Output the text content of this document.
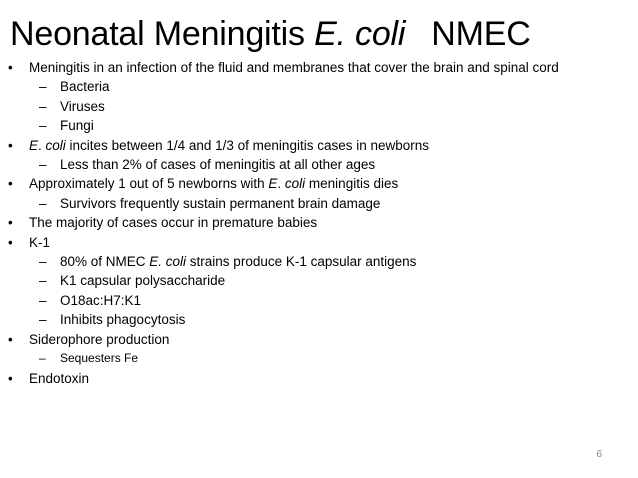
Neonatal Meningitis E. coli NMEC
• Meningitis in an infection of the fluid and membranes that cover the brain and spinal cord
– Bacteria
– Viruses
– Fungi
• E. coli incites between 1/4 and 1/3 of meningitis cases in newborns
– Less than 2% of cases of meningitis at all other ages
• Approximately 1 out of 5 newborns with E. coli meningitis dies
– Survivors frequently sustain permanent brain damage
• The majority of cases occur in premature babies
• K-1
– 80% of NMEC E. coli strains produce K-1 capsular antigens
– K1 capsular polysaccharide
– O18ac:H7:K1
– Inhibits phagocytosis
• Siderophore production
– Sequesters Fe
• Endotoxin
6
